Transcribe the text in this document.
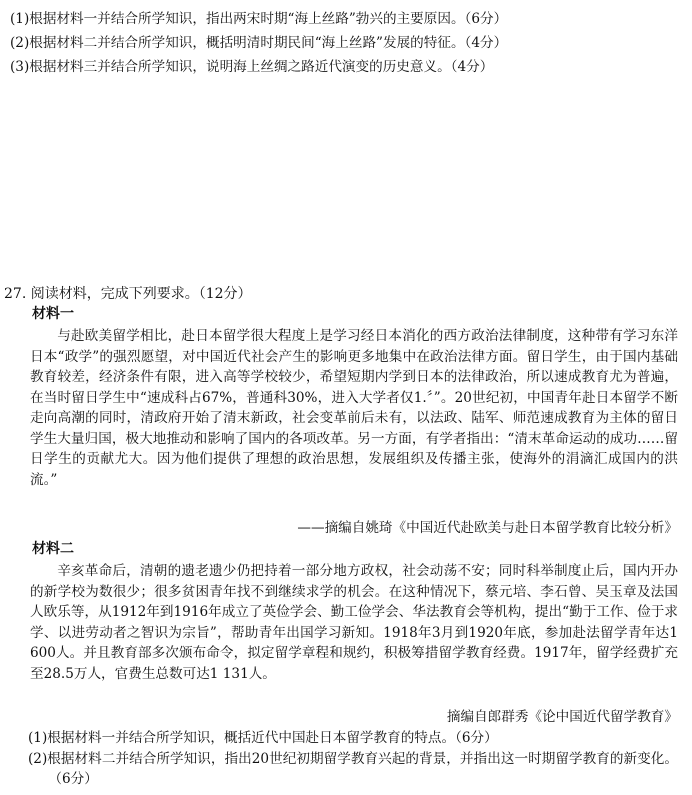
(1)根据材料一并结合所学知识，指出两宋时期“海上丝路”勃兴的主要原因。（6分）
(2)根据材料二并结合所学知识，概括明清时期民间“海上丝路”发展的特征。（4分）
(3)根据材料三并结合所学知识，说明海上丝绸之路近代演变的历史意义。（4分）
27. 阅读材料，完成下列要求。（12分）
材料一

与赴欧美留学相比，赴日本留学很大程度上是学习经日本消化的西方政治法律制度，这种带有学习东洋日本“政学”的强烈愿望，对中国近代社会产生的影响更多地集中在政治法律方面。留日学生，由于国内基础教育较差，经济条件有限，进入高等学校较少，希望短期内学到日本的法律政治，所以速成教育尤为普遍，在当时留日学生中“速成科占67%，普通科30%，进入大学者仅1.〞”。20世纪初，中国青年赴日本留学不断走向高潮的同时，清政府开始了清末新政，社会变革前后未有，以法政、陆军、师范速成教育为主体的留日学生大量归国，极大地推动和影响了国内的各项改革。另一方面，有学者指出：“清末革命运动的成功……留日学生的贡献尤大。因为他们提供了理想的政治思想，发展组织及传播主张，使海外的涓滴汇成国内的洪流。”

——摘编自姚琦《中国近代赴欧美与赴日本留学教育比较分析》
材料二

辛亥革命后，清朝的遗老遗少仍把持着一部分地方政权，社会动荡不安；同时科举制度止后，国内开办的新学校为数很少；很多贫困青年找不到继续求学的机会。在这种情况下，蔡元培、李石曾、吴玉章及法国人欧乐等，从1912年到1916年成立了英俭学会、勤工俭学会、华法教育会等机构，提出“勤于工作、俭于求学、以进劳动者之智识为宗旨”，帮助青年出国学习新知。1918年3月到1920年底，参加赴法留学青年达1 600人。并且教育部多次颁布命令，拟定留学章程和规约，积极筹措留学教育经费。1917年，留学经费扩充至28.5万人，官费生总数可达1 131人。

摘编自郎群秀《论中国近代留学教育》

(1)根据材料一并结合所学知识，概括近代中国赴日本留学教育的特点。（6分）

(2)根据材料二并结合所学知识，指出20世纪初期留学教育兴起的背景，并指出这一时期留学教育的新变化。（6分）
